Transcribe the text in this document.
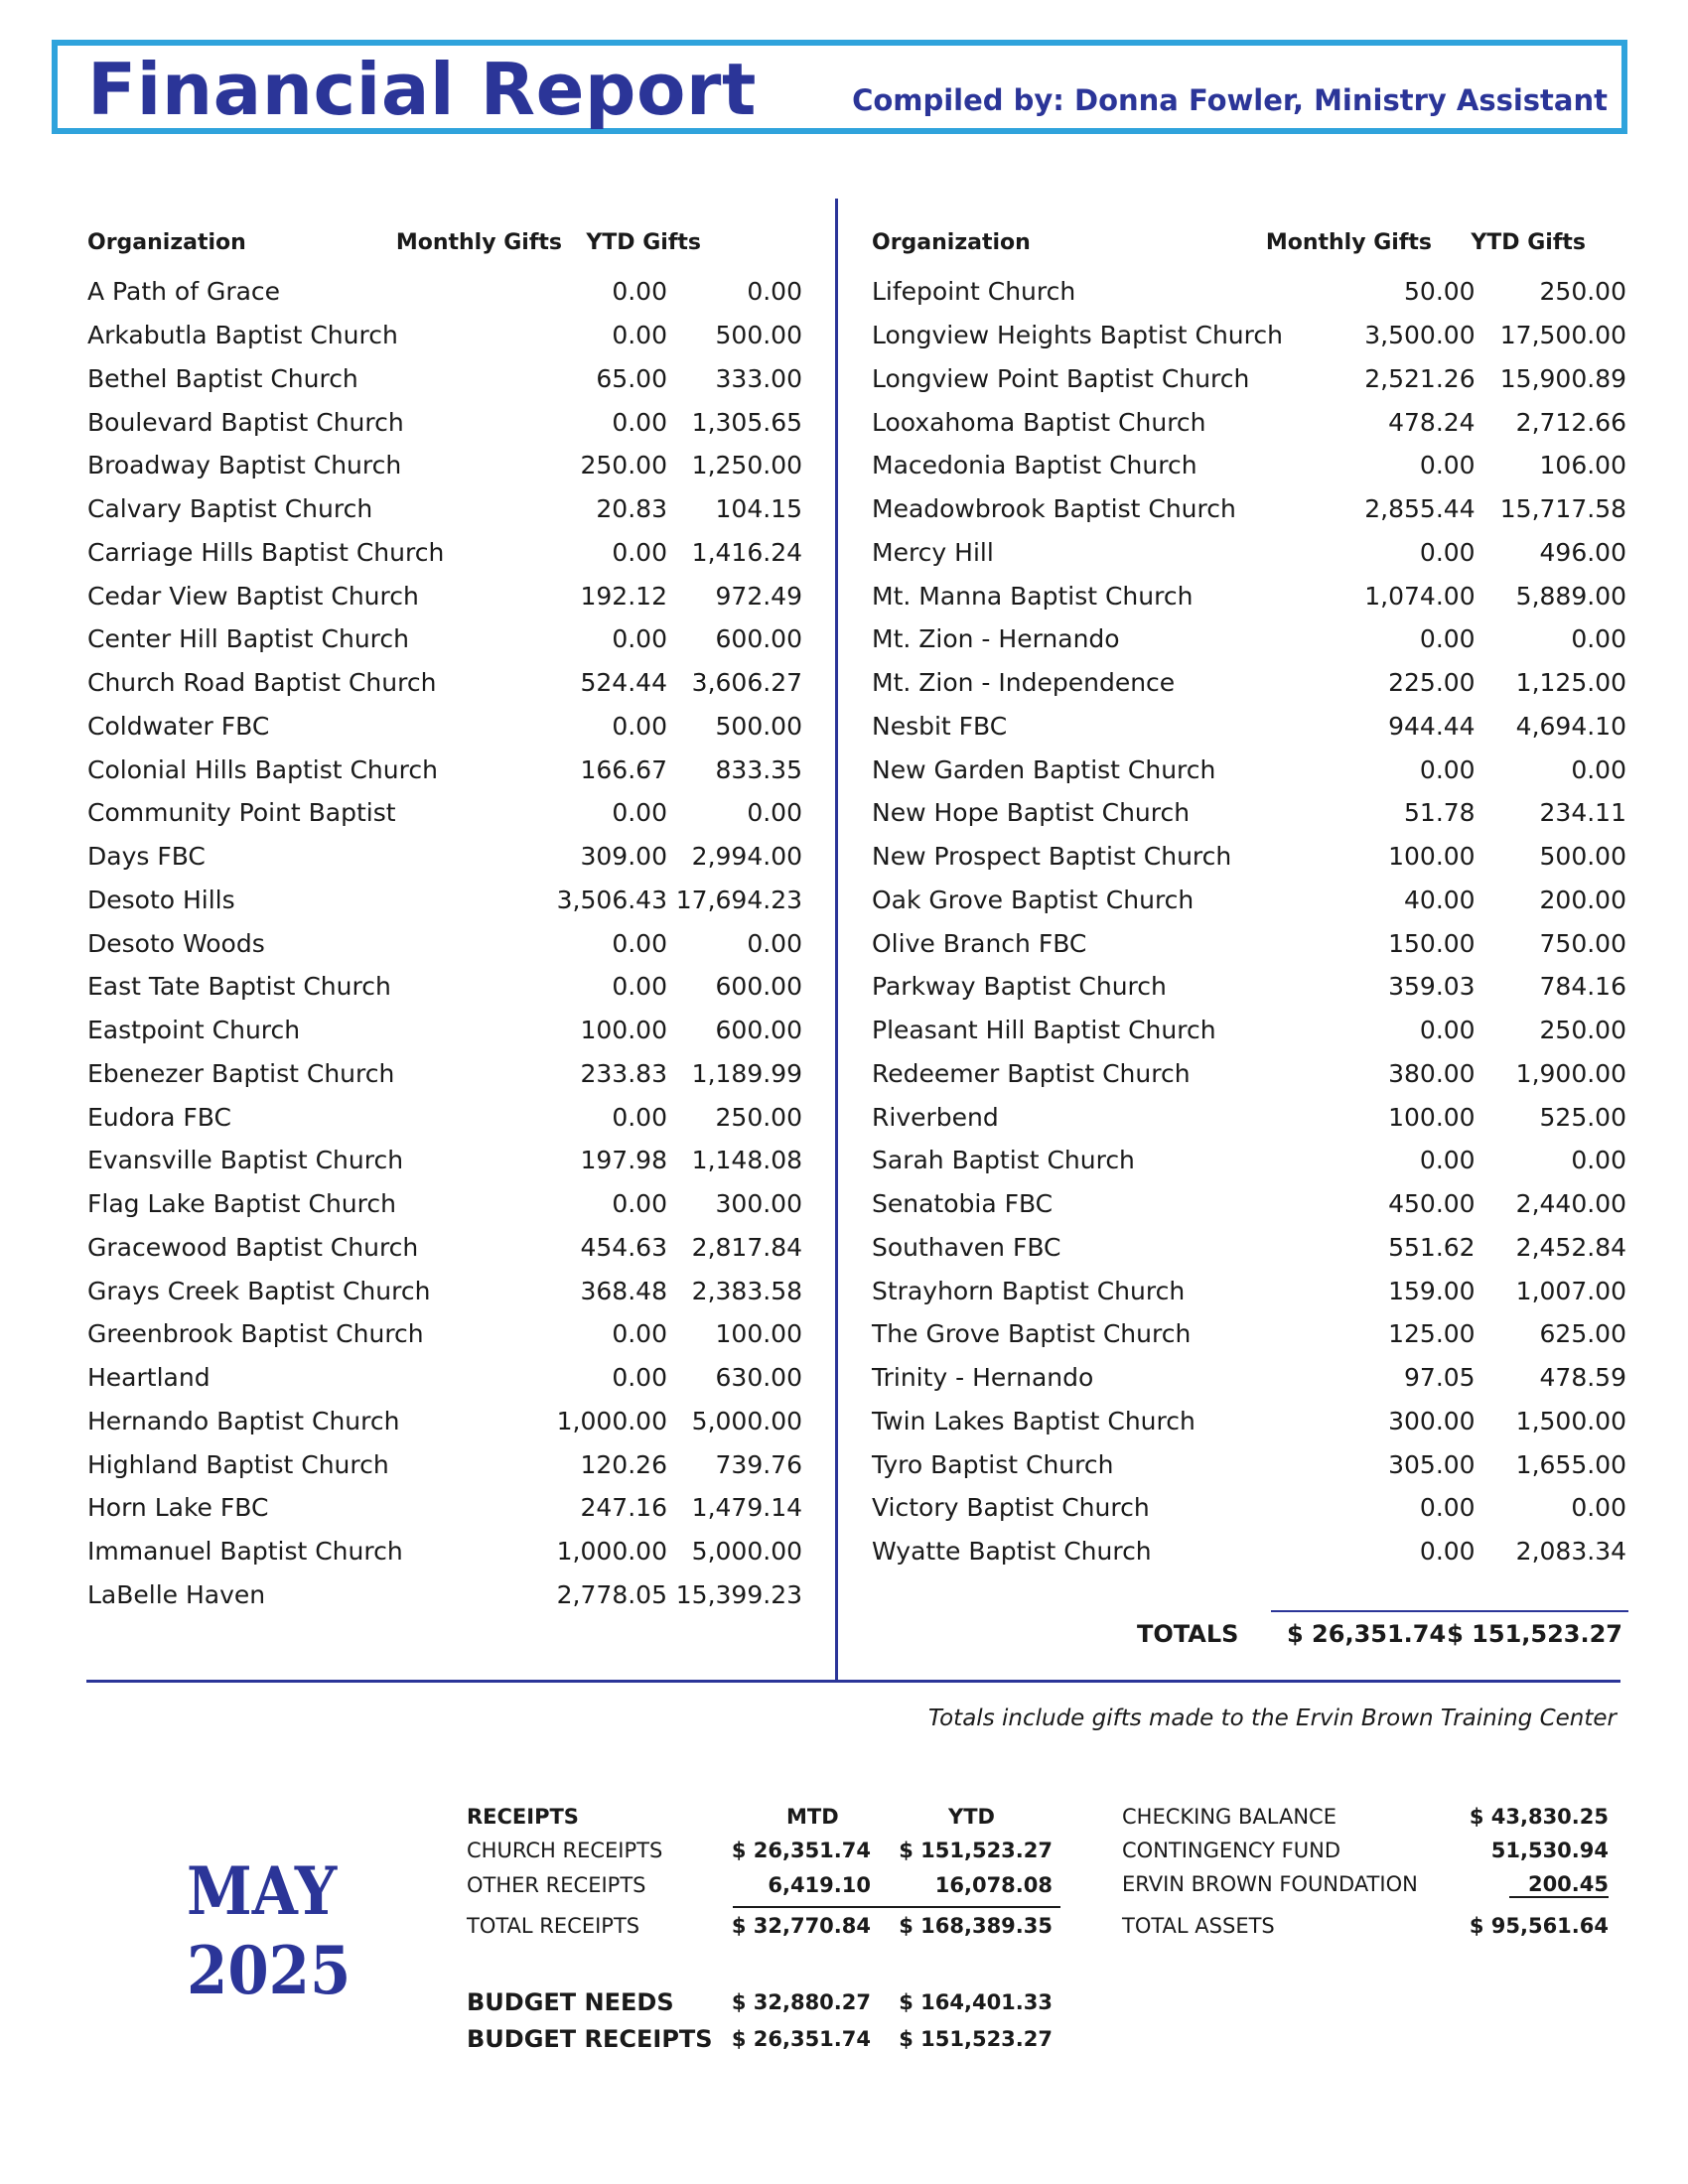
Financial Report	Compiled by: Donna Fowler, Ministry Assistant
Organization	Monthly Gifts YTD Gifts
A Path of Grace	0.00	0.00
Arkabutla Baptist Church	0.00	500.00
Bethel Baptist Church	65.00	333.00
Boulevard Baptist Church	0.00 1,305.65
Broadway Baptist Church	250.00 1,250.00
Calvary Baptist Church	20.83	104.15
Carriage Hills Baptist Church	0.00 1,416.24
Cedar View Baptist Church	192.12	972.49
Center Hill Baptist Church	0.00	600.00
Church Road Baptist Church	524.44 3,606.27
Coldwater FBC	0.00	500.00
Colonial Hills Baptist Church	166.67	833.35
Community Point Baptist	0.00	0.00
Days FBC	309.00 2,994.00
Desoto Hills	3,506.43 17,694.23
Desoto Woods	0.00	0.00
East Tate Baptist Church	0.00	600.00
Eastpoint Church	100.00	600.00
Ebenezer Baptist Church	233.83 1,189.99
Eudora FBC	0.00	250.00
Evansville Baptist Church	197.98 1,148.08
Flag Lake Baptist Church	0.00	300.00
Gracewood Baptist Church	454.63 2,817.84
Grays Creek Baptist Church	368.48 2,383.58
Greenbrook Baptist Church	0.00	100.00
Heartland	0.00	630.00
Hernando Baptist Church	1,000.00 5,000.00
Highland Baptist Church	120.26	739.76
Horn Lake FBC	247.16 1,479.14
Immanuel Baptist Church	1,000.00 5,000.00
LaBelle Haven	2,778.05 15,399.23
Organization	Monthly Gifts YTD Gifts
Lifepoint Church	50.00	250.00
Longview Heights Baptist Church	3,500.00	17,500.00
Longview Point Baptist Church	2,521.26	15,900.89
Looxahoma Baptist Church	478.24	2,712.66
Macedonia Baptist Church	0.00	106.00
Meadowbrook Baptist Church	2,855.44	15,717.58
Mercy Hill	0.00	496.00
Mt. Manna Baptist Church	1,074.00	5,889.00
Mt. Zion - Hernando	0.00	0.00
Mt. Zion - Independence	225.00	1,125.00
Nesbit FBC	944.44	4,694.10
New Garden Baptist Church	0.00	0.00
New Hope Baptist Church	51.78	234.11
New Prospect Baptist Church	100.00	500.00
Oak Grove Baptist Church	40.00	200.00
Olive Branch FBC	150.00	750.00
Parkway Baptist Church	359.03	784.16
Pleasant Hill Baptist Church	0.00	250.00
Redeemer Baptist Church	380.00	1,900.00
Riverbend	100.00	525.00
Sarah Baptist Church	0.00	0.00
Senatobia FBC	450.00	2,440.00
Southaven FBC	551.62	2,452.84
Strayhorn Baptist Church	159.00	1,007.00
The Grove Baptist Church	125.00	625.00
Trinity - Hernando	97.05	478.59
Twin Lakes Baptist Church	300.00	1,500.00
Tyro Baptist Church	305.00	1,655.00
Victory Baptist Church	0.00	0.00
Wyatte Baptist Church	0.00	2,083.34
TOTALS $ 26,351.74 $ 151,523.27
Totals include gifts made to the Ervin Brown Training Center
MAY
2025
RECEIPTS	MTD	YTD
CHURCH RECEIPTS	$ 26,351.74 $ 151,523.27
OTHER RECEIPTS	6,419.10	16,078.08
TOTAL RECEIPTS	$ 32,770.84 $ 168,389.35
BUDGET NEEDS	$ 32,880.27 $ 164,401.33
BUDGET RECEIPTS $ 26,351.74 $ 151,523.27
CHECKING BALANCE	$ 43,830.25
CONTINGENCY FUND	51,530.94
ERVIN BROWN FOUNDATION	200.45
TOTAL ASSETS	$ 95,561.64
